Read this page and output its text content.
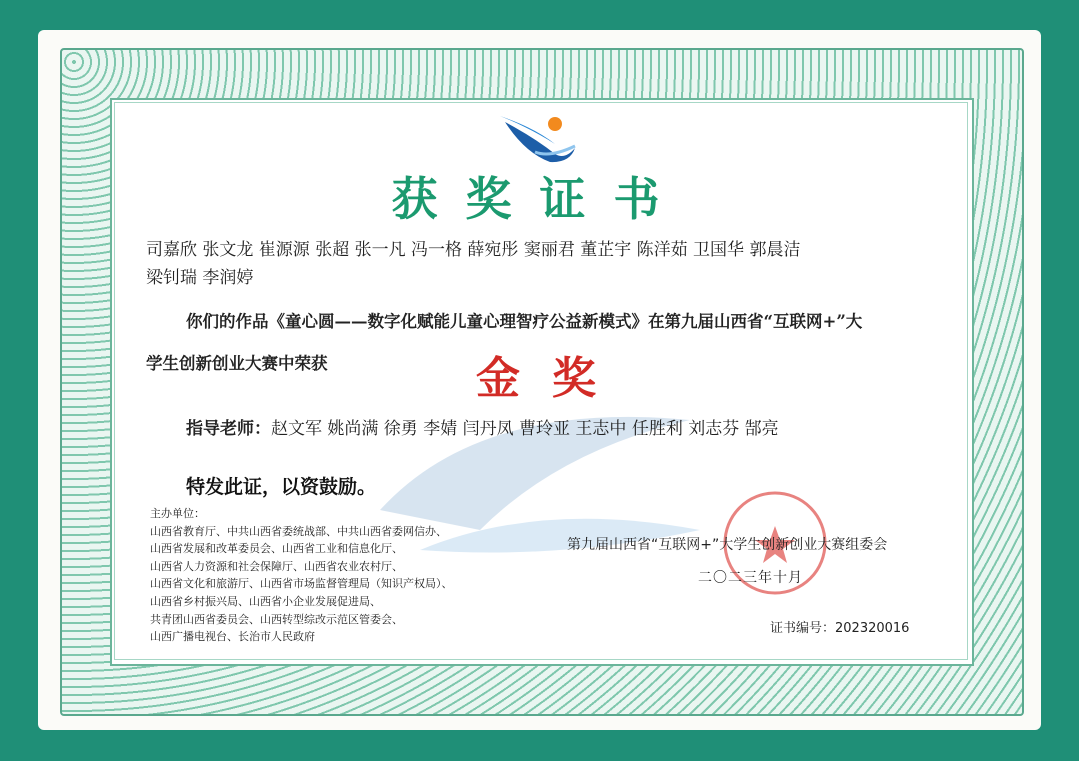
获奖证书
司嘉欣 张文龙 崔源源 张超 张一凡 冯一格 薛宛彤 窦丽君 董芷宇 陈洋茹 卫国华 郭晨洁
梁钊瑞 李润婷
你们的作品《童心圆——数字化赋能儿童心理智疗公益新模式》在第九届山西省“互联网+”大
学生创新创业大赛中荣获	金奖
指导老师：赵文军 姚尚满 徐勇 李婧 闫丹凤 曹玲亚 王志中 任胜利 刘志芬 郜亮
特发此证，以资鼓励。
主办单位：
山西省教育厅、中共山西省委统战部、中共山西省委网信办、
山西省发展和改革委员会、山西省工业和信息化厅、
山西省人力资源和社会保障厅、山西省农业农村厅、
山西省文化和旅游厅、山西省市场监督管理局（知识产权局）、
山西省乡村振兴局、山西省小企业发展促进局、
共青团山西省委员会、山西转型综改示范区管委会、
山西广播电视台、长治市人民政府
第九届山西省“互联网+”大学生创新创业大赛组委会
二〇二三年十月
证书编号：202320016
